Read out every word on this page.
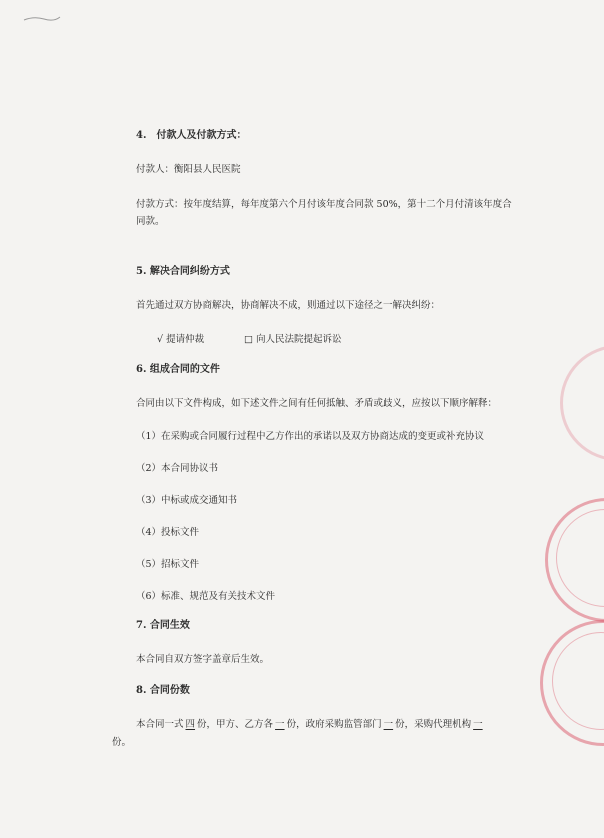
4.　付款人及付款方式：
付款人：衡阳县人民医院
付款方式：按年度结算，每年度第六个月付该年度合同款 50%，第十二个月付清该年度合同款。
5. 解决合同纠纷方式
首先通过双方协商解决，协商解决不成，则通过以下途径之一解决纠纷：
√ 提请仲裁	□ 向人民法院提起诉讼
6. 组成合同的文件
合同由以下文件构成，如下述文件之间有任何抵触、矛盾或歧义，应按以下顺序解释：
（1）在采购或合同履行过程中乙方作出的承诺以及双方协商达成的变更或补充协议
（2）本合同协议书
（3）中标或成交通知书
（4）投标文件
（5）招标文件
（6）标准、规范及有关技术文件
7. 合同生效
本合同自双方签字盖章后生效。
8. 合同份数
本合同一式 四 份，甲方、乙方各 一 份，政府采购监管部门 一 份，采购代理机构 一
份。
